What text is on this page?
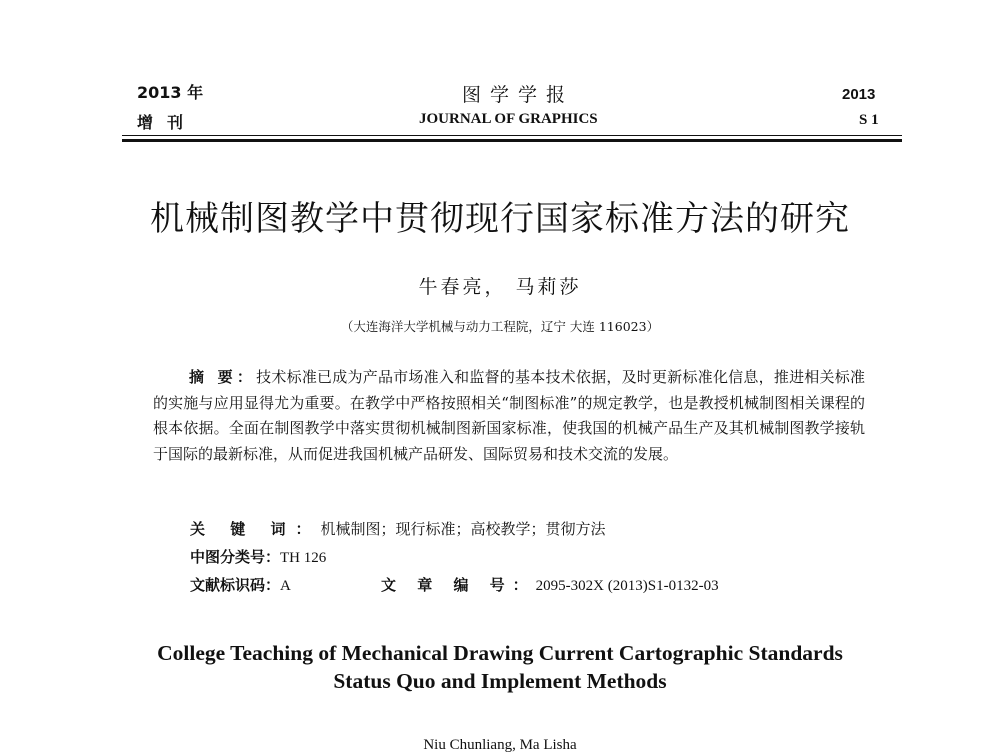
2013 年
增刊
图学学报
JOURNAL OF GRAPHICS
2013
S 1
机械制图教学中贯彻现行国家标准方法的研究
牛春亮， 马莉莎
（大连海洋大学机械与动力工程院，辽宁 大连 116023）
摘 要：技术标准已成为产品市场准入和监督的基本技术依据，及时更新标准化信息，推进相关标准的实施与应用显得尤为重要。在教学中严格按照相关“制图标准”的规定教学，也是教授机械制图相关课程的根本依据。全面在制图教学中落实贯彻机械制图新国家标准，使我国的机械产品生产及其机械制图教学接轨于国际的最新标准，从而促进我国机械产品研发、国际贸易和技术交流的发展。
关 键 词：机械制图；现行标准；高校教学；贯彻方法
中图分类号：TH 126
文献标识码：A	文 章 编 号：2095-302X (2013)S1-0132-03
College Teaching of Mechanical Drawing Current Cartographic Standards
Status Quo and Implement Methods
Niu Chunliang, Ma Lisha
